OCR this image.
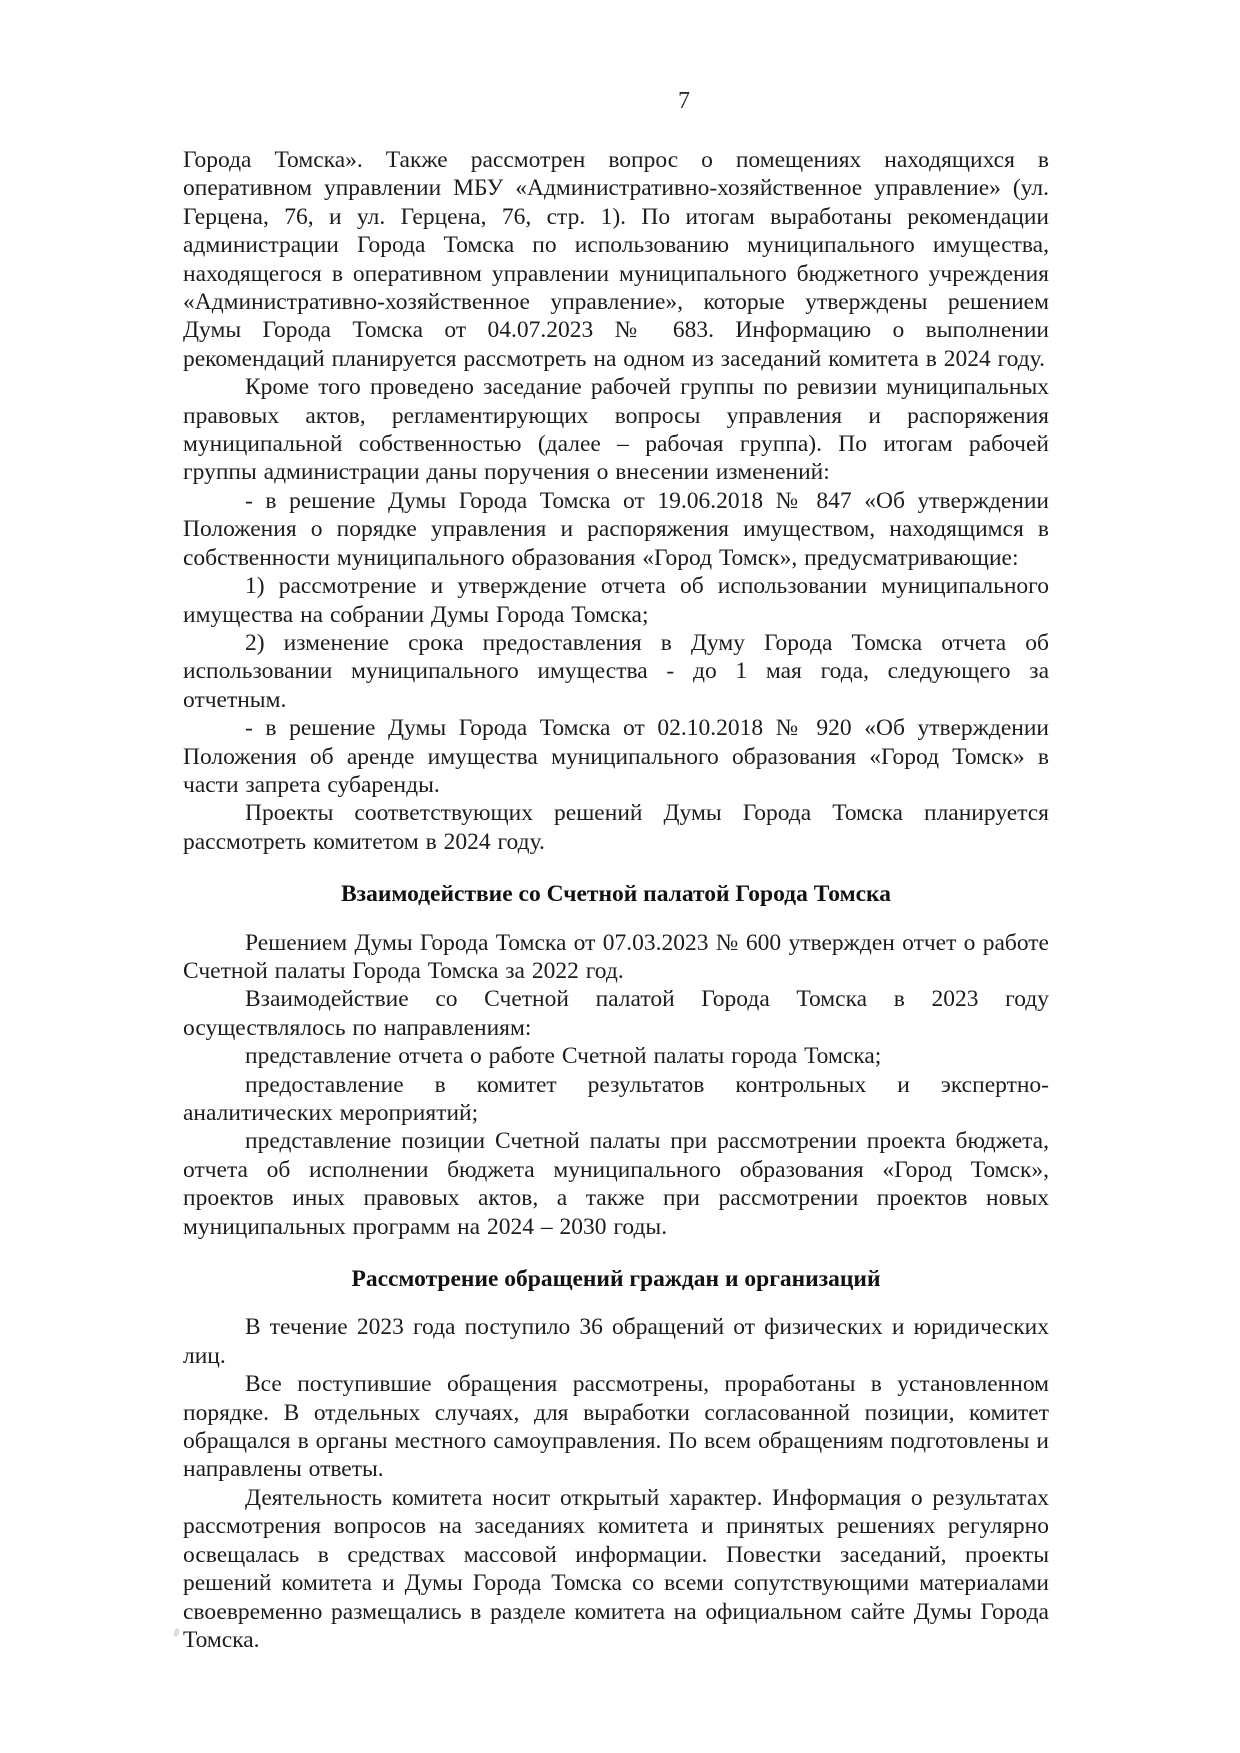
7

Города Томска». Также рассмотрен вопрос о помещениях находящихся в оперативном управлении МБУ «Административно-хозяйственное управление» (ул. Герцена, 76, и ул. Герцена, 76, стр. 1). По итогам выработаны рекомендации администрации Города Томска по использованию муниципального имущества, находящегося в оперативном управлении муниципального бюджетного учреждения «Административно-хозяйственное управление», которые утверждены решением Думы Города Томска от 04.07.2023 № 683. Информацию о выполнении рекомендаций планируется рассмотреть на одном из заседаний комитета в 2024 году.

Кроме того проведено заседание рабочей группы по ревизии муниципальных правовых актов, регламентирующих вопросы управления и распоряжения муниципальной собственностью (далее – рабочая группа). По итогам рабочей группы администрации даны поручения о внесении изменений:

- в решение Думы Города Томска от 19.06.2018 № 847 «Об утверждении Положения о порядке управления и распоряжения имуществом, находящимся в собственности муниципального образования «Город Томск», предусматривающие:

1) рассмотрение и утверждение отчета об использовании муниципального имущества на собрании Думы Города Томска;

2) изменение срока предоставления в Думу Города Томска отчета об использовании муниципального имущества - до 1 мая года, следующего за отчетным.

- в решение Думы Города Томска от 02.10.2018 № 920 «Об утверждении Положения об аренде имущества муниципального образования «Город Томск» в части запрета субаренды.

Проекты соответствующих решений Думы Города Томска планируется рассмотреть комитетом в 2024 году.

Взаимодействие со Счетной палатой Города Томска

Решением Думы Города Томска от 07.03.2023 № 600 утвержден отчет о работе Счетной палаты Города Томска за 2022 год.

Взаимодействие со Счетной палатой Города Томска в 2023 году осуществлялось по направлениям:

представление отчета о работе Счетной палаты города Томска;

предоставление в комитет результатов контрольных и экспертно-аналитических мероприятий;

представление позиции Счетной палаты при рассмотрении проекта бюджета, отчета об исполнении бюджета муниципального образования «Город Томск», проектов иных правовых актов, а также при рассмотрении проектов новых муниципальных программ на 2024 – 2030 годы.

Рассмотрение обращений граждан и организаций

В течение 2023 года поступило 36 обращений от физических и юридических лиц.

Все поступившие обращения рассмотрены, проработаны в установленном порядке. В отдельных случаях, для выработки согласованной позиции, комитет обращался в органы местного самоуправления. По всем обращениям подготовлены и направлены ответы.

Деятельность комитета носит открытый характер. Информация о результатах рассмотрения вопросов на заседаниях комитета и принятых решениях регулярно освещалась в средствах массовой информации. Повестки заседаний, проекты решений комитета и Думы Города Томска со всеми сопутствующими материалами своевременно размещались в разделе комитета на официальном сайте Думы Города Томска.
